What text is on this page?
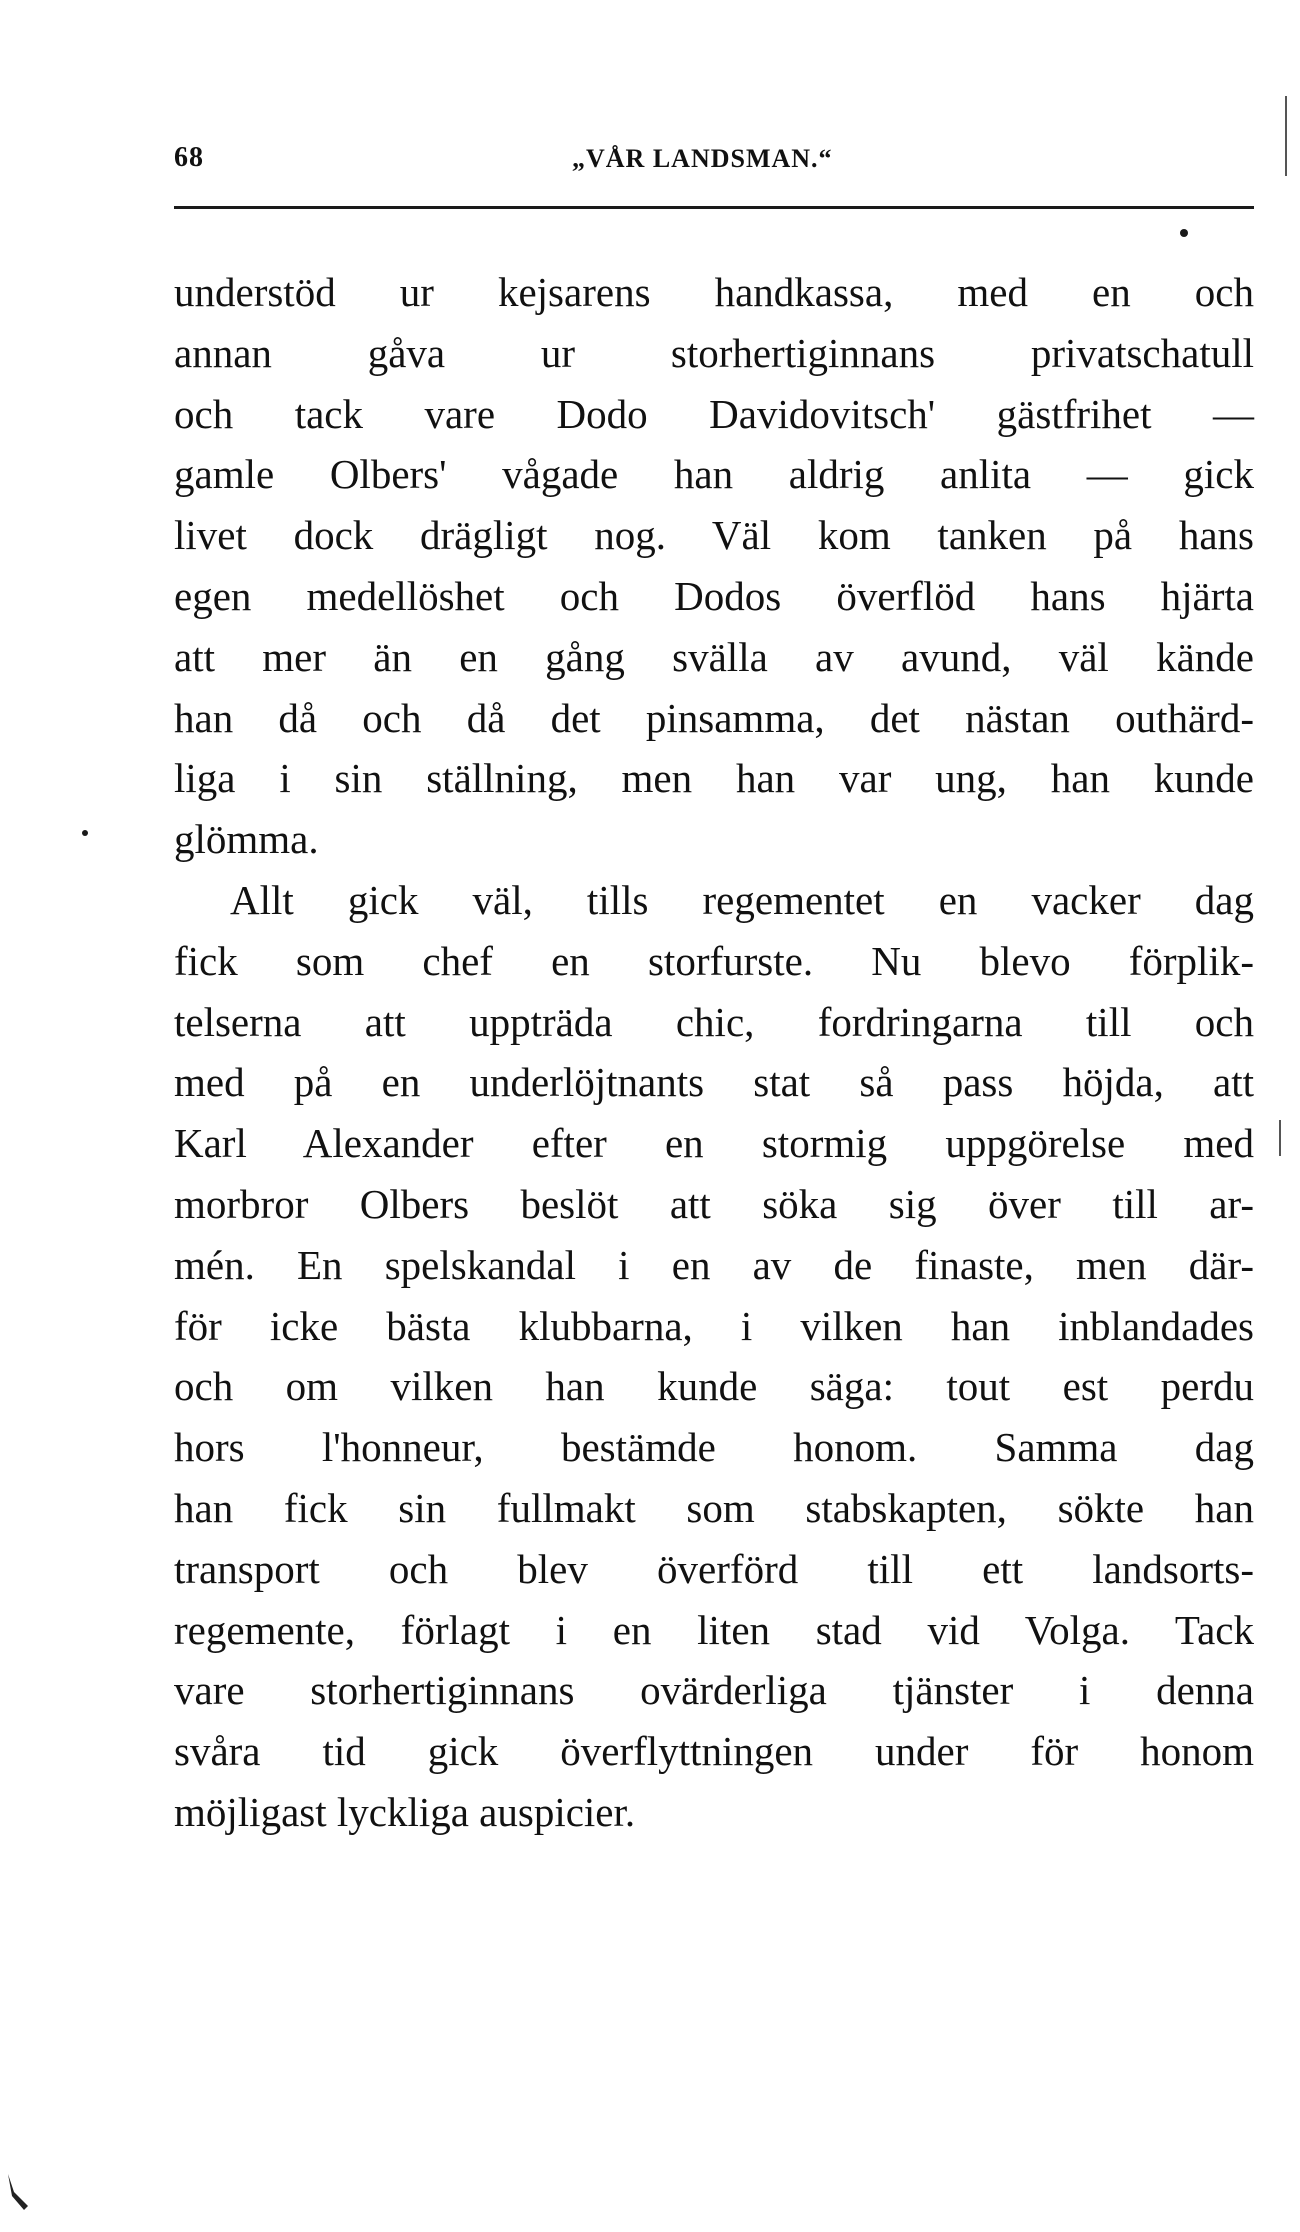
68	„VÅR LANDSMAN.“

understöd ur kejsarens handkassa, med en och
annan gåva ur storhertiginnans privatschatull
och tack vare Dodo Davidovitsch' gästfrihet —
gamle Olbers' vågade han aldrig anlita — gick
livet dock drägligt nog. Väl kom tanken på hans
egen medellöshet och Dodos överflöd hans hjärta
att mer än en gång svälla av avund, väl kände
han då och då det pinsamma, det nästan outhärd-
liga i sin ställning, men han var ung, han kunde
glömma.

Allt gick väl, tills regementet en vacker dag
fick som chef en storfurste. Nu blevo förplik-
telserna att uppträda chic, fordringarna till och
med på en underlöjtnants stat så pass höjda, att
Karl Alexander efter en stormig uppgörelse med
morbror Olbers beslöt att söka sig över till ar-
mén. En spelskandal i en av de finaste, men där-
för icke bästa klubbarna, i vilken han inblandades
och om vilken han kunde säga: tout est perdu
hors l'honneur, bestämde honom. Samma dag
han fick sin fullmakt som stabskapten, sökte han
transport och blev överförd till ett landsorts-
regemente, förlagt i en liten stad vid Volga. Tack
vare storhertiginnans ovärderliga tjänster i denna
svåra tid gick överflyttningen under för honom
möjligast lyckliga auspicier.
